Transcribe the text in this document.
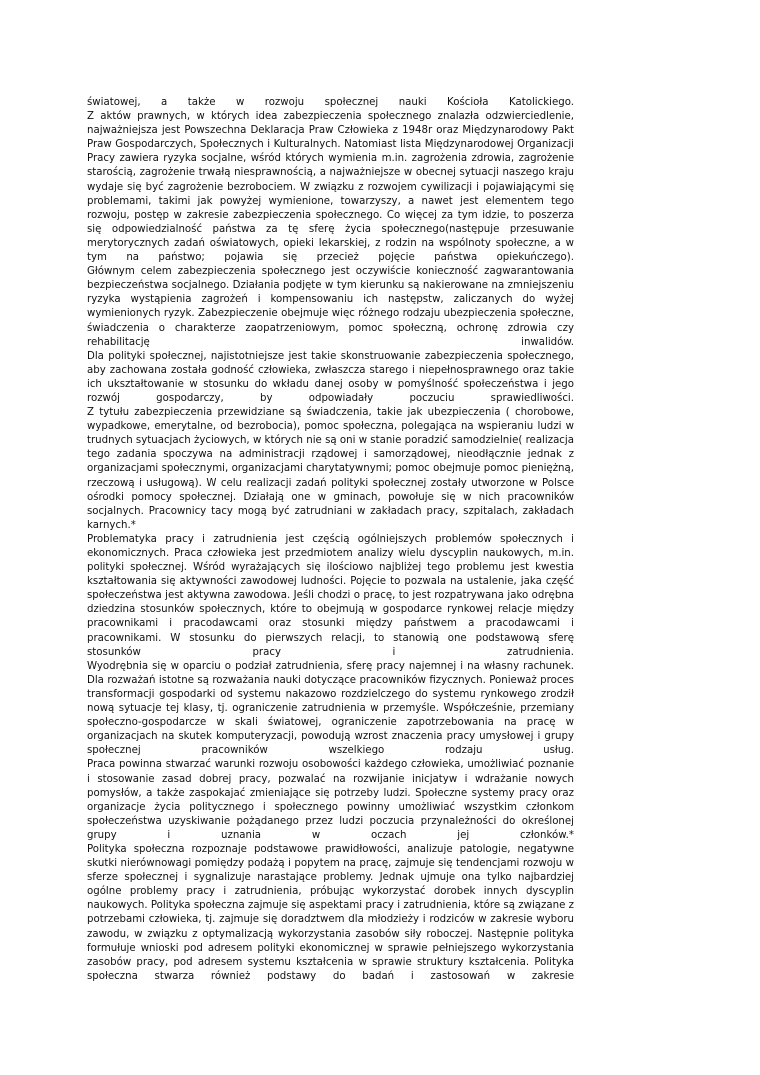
światowej, a także w rozwoju społecznej nauki Kościoła Katolickiego.

Z aktów prawnych, w których idea zabezpieczenia społecznego znalazła odzwierciedlenie, najważniejsza jest Powszechna Deklaracja Praw Człowieka z 1948r oraz Międzynarodowy Pakt Praw Gospodarczych, Społecznych i Kulturalnych. Natomiast lista Międzynarodowej Organizacji Pracy zawiera ryzyka socjalne, wśród których wymienia m.in. zagrożenia zdrowia, zagrożenie starością, zagrożenie trwałą niesprawnością, a najważniejsze w obecnej sytuacji naszego kraju wydaje się być zagrożenie bezrobociem. W związku z rozwojem cywilizacji i pojawiającymi się problemami, takimi jak powyżej wymienione, towarzyszy, a nawet jest elementem tego rozwoju, postęp w zakresie zabezpieczenia społecznego. Co więcej za tym idzie, to poszerza się odpowiedzialność państwa za tę sferę życia społecznego(następuje przesuwanie merytorycznych zadań oświatowych, opieki lekarskiej, z rodzin na wspólnoty społeczne, a w tym na państwo; pojawia się przecież pojęcie państwa opiekuńczego).

Głównym celem zabezpieczenia społecznego jest oczywiście konieczność zagwarantowania bezpieczeństwa socjalnego. Działania podjęte w tym kierunku są nakierowane na zmniejszeniu ryzyka wystąpienia zagrożeń i kompensowaniu ich następstw, zaliczanych do wyżej wymienionych ryzyk. Zabezpieczenie obejmuje więc różnego rodzaju ubezpieczenia społeczne, świadczenia o charakterze zaopatrzeniowym, pomoc społeczną, ochronę zdrowia czy rehabilitację inwalidów.

Dla polityki społecznej, najistotniejsze jest takie skonstruowanie zabezpieczenia społecznego, aby zachowana została godność człowieka, zwłaszcza starego i niepełnosprawnego oraz takie ich ukształtowanie w stosunku do wkładu danej osoby w pomyślność społeczeństwa i jego rozwój gospodarczy, by odpowiadały poczuciu sprawiedliwości.

Z tytułu zabezpieczenia przewidziane są świadczenia, takie jak ubezpieczenia ( chorobowe, wypadkowe, emerytalne, od bezrobocia), pomoc społeczna, polegająca na wspieraniu ludzi w trudnych sytuacjach życiowych, w których nie są oni w stanie poradzić samodzielnie( realizacja tego zadania spoczywa na administracji rządowej i samorządowej, nieodłącznie jednak z organizacjami społecznymi, organizacjami charytatywnymi; pomoc obejmuje pomoc pieniężną, rzeczową i usługową). W celu realizacji zadań polityki społecznej zostały utworzone w Polsce ośrodki pomocy społecznej. Działają one w gminach, powołuje się w nich pracowników socjalnych. Pracownicy tacy mogą być zatrudniani w zakładach pracy, szpitalach, zakładach karnych.*

Problematyka pracy i zatrudnienia jest częścią ogólniejszych problemów społecznych i ekonomicznych. Praca człowieka jest przedmiotem analizy wielu dyscyplin naukowych, m.in. polityki społecznej. Wśród wyrażających się ilościowo najbliżej tego problemu jest kwestia kształtowania się aktywności zawodowej ludności. Pojęcie to pozwala na ustalenie, jaka część społeczeństwa jest aktywna zawodowa. Jeśli chodzi o pracę, to jest rozpatrywana jako odrębna dziedzina stosunków społecznych, które to obejmują w gospodarce rynkowej relacje między pracownikami i pracodawcami oraz stosunki między państwem a pracodawcami i pracownikami. W stosunku do pierwszych relacji, to stanowią one podstawową sferę stosunków pracy i zatrudnienia.

Wyodrębnia się w oparciu o podział zatrudnienia, sferę pracy najemnej i na własny rachunek. Dla rozważań istotne są rozważania nauki dotyczące pracowników fizycznych. Ponieważ proces transformacji gospodarki od systemu nakazowo rozdzielczego do systemu rynkowego zrodził nową sytuacje tej klasy, tj. ograniczenie zatrudnienia w przemyśle. Współcześnie, przemiany społeczno-gospodarcze w skali światowej, ograniczenie zapotrzebowania na pracę w organizacjach na skutek komputeryzacji, powodują wzrost znaczenia pracy umysłowej i grupy społecznej pracowników wszelkiego rodzaju usług.

Praca powinna stwarzać warunki rozwoju osobowości każdego człowieka, umożliwiać poznanie i stosowanie zasad dobrej pracy, pozwalać na rozwijanie inicjatyw i wdrażanie nowych pomysłów, a także zaspokajać zmieniające się potrzeby ludzi. Społeczne systemy pracy oraz organizacje życia politycznego i społecznego powinny umożliwiać wszystkim członkom społeczeństwa uzyskiwanie pożądanego przez ludzi poczucia przynależności do określonej grupy i uznania w oczach jej członków.*

Polityka społeczna rozpoznaje podstawowe prawidłowości, analizuje patologie, negatywne skutki nierównowagi pomiędzy podażą i popytem na pracę, zajmuje się tendencjami rozwoju w sferze społecznej i sygnalizuje narastające problemy. Jednak ujmuje ona tylko najbardziej ogólne problemy pracy i zatrudnienia, próbując wykorzystać dorobek innych dyscyplin naukowych. Polityka społeczna zajmuje się aspektami pracy i zatrudnienia, które są związane z potrzebami człowieka, tj. zajmuje się doradztwem dla młodzieży i rodziców w zakresie wyboru zawodu, w związku z optymalizacją wykorzystania zasobów siły roboczej. Następnie polityka formułuje wnioski pod adresem polityki ekonomicznej w sprawie pełniejszego wykorzystania zasobów pracy, pod adresem systemu kształcenia w sprawie struktury kształcenia. Polityka społeczna stwarza również podstawy do badań i zastosowań w zakresie
